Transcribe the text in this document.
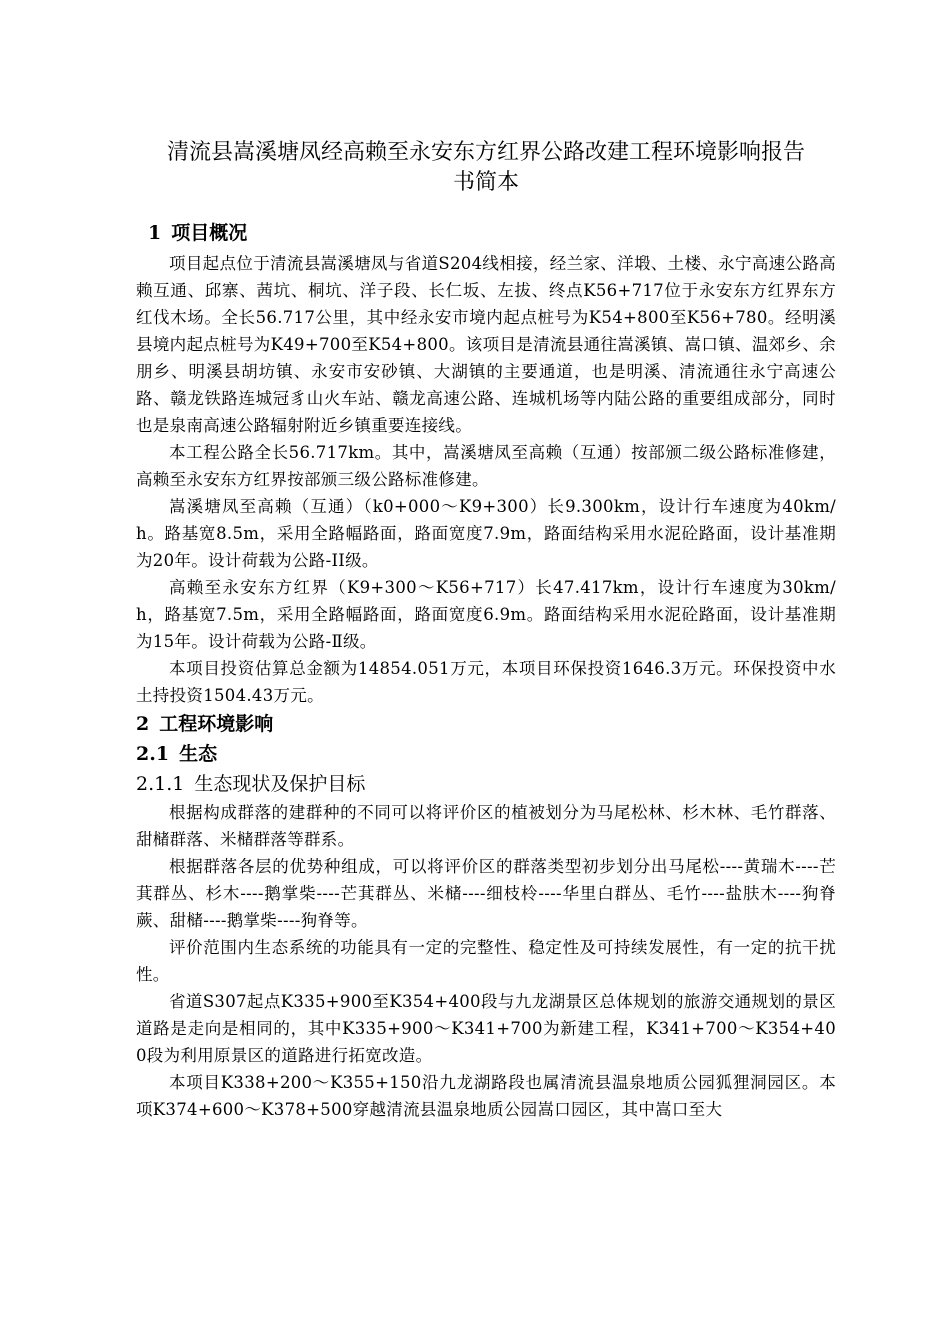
清流县嵩溪塘凤经高赖至永安东方红界公路改建工程环境影响报告
书简本
1 项目概况

项目起点位于清流县嵩溪塘凤与省道S204线相接，经兰家、洋塅、土楼、永宁高速公路高赖互通、邱寨、茜坑、桐坑、洋子段、长仁坂、左拔、终点K56+717位于永安东方红界东方红伐木场。全长56.717公里，其中经永安市境内起点桩号为K54+800至K56+780。经明溪县境内起点桩号为K49+700至K54+800。该项目是清流县通往嵩溪镇、嵩口镇、温郊乡、余朋乡、明溪县胡坊镇、永安市安砂镇、大湖镇的主要通道，也是明溪、清流通往永宁高速公路、赣龙铁路连城冠豸山火车站、赣龙高速公路、连城机场等内陆公路的重要组成部分，同时也是泉南高速公路辐射附近乡镇重要连接线。

本工程公路全长56.717km。其中，嵩溪塘凤至高赖（互通）按部颁二级公路标准修建，高赖至永安东方红界按部颁三级公路标准修建。

嵩溪塘凤至高赖（互通）（k0+000～K9+300）长9.300km，设计行车速度为40km/h。路基宽8.5m，采用全路幅路面，路面宽度7.9m，路面结构采用水泥砼路面，设计基准期为20年。设计荷载为公路-II级。

高赖至永安东方红界（K9+300～K56+717）长47.417km，设计行车速度为30km/h，路基宽7.5m，采用全路幅路面，路面宽度6.9m。路面结构采用水泥砼路面，设计基准期为15年。设计荷载为公路-Ⅱ级。

本项目投资估算总金额为14854.051万元，本项目环保投资1646.3万元。环保投资中水土持投资1504.43万元。

2 工程环境影响
2.1 生态
2.1.1 生态现状及保护目标

根据构成群落的建群种的不同可以将评价区的植被划分为马尾松林、杉木林、毛竹群落、甜槠群落、米槠群落等群系。

根据群落各层的优势种组成，可以将评价区的群落类型初步划分出马尾松----黄瑞木----芒萁群丛、杉木----鹅掌柴----芒萁群丛、米槠----细枝柃----华里白群丛、毛竹----盐肤木----狗脊蕨、甜槠----鹅掌柴----狗脊等。

评价范围内生态系统的功能具有一定的完整性、稳定性及可持续发展性，有一定的抗干扰性。

省道S307起点K335+900至K354+400段与九龙湖景区总体规划的旅游交通规划的景区道路是走向是相同的，其中K335+900～K341+700为新建工程，K341+700～K354+400段为利用原景区的道路进行拓宽改造。

本项目K338+200～K355+150沿九龙湖路段也属清流县温泉地质公园狐狸洞园区。本项K374+600～K378+500穿越清流县温泉地质公园嵩口园区，其中嵩口至大
